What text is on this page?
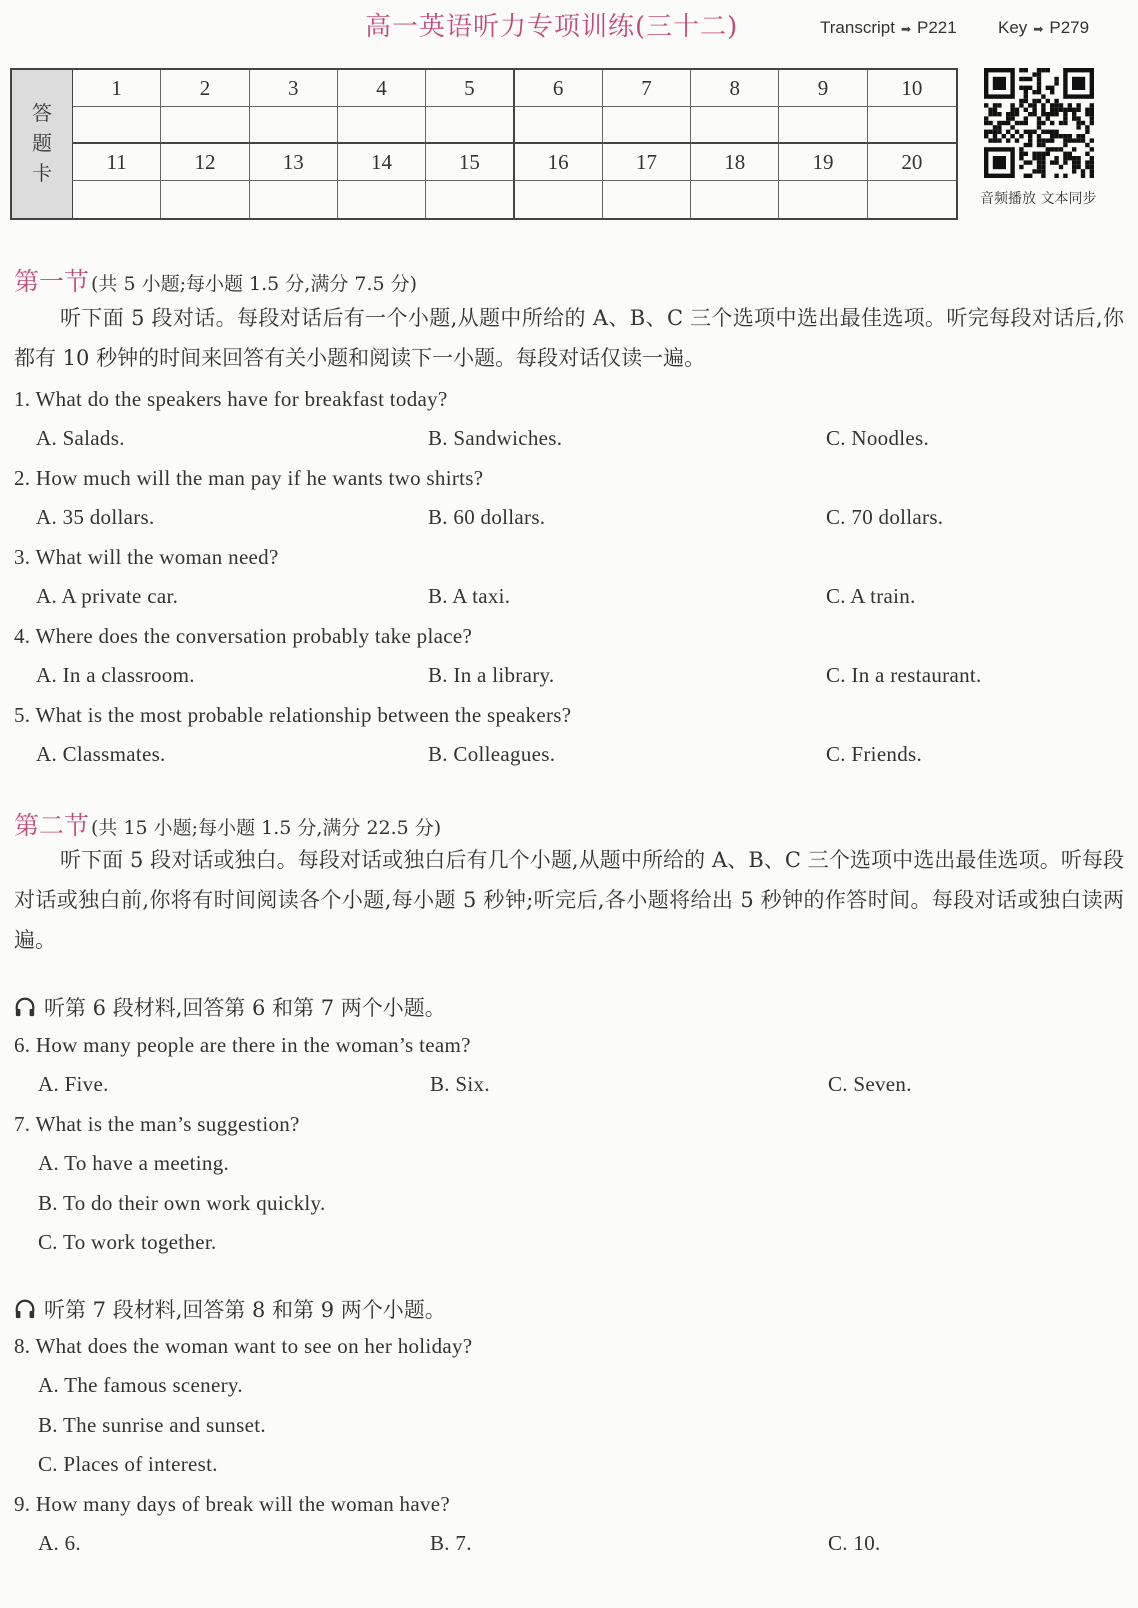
高一英语听力专项训练(三十二)	Transcript ➡ P221 Key ➡ P279
答
题
卡
1	2	3	4	5	6	7	8	9	10
11	12	13	14	15	16	17	18	19	20
音频播放 文本同步
第一节 (共 5 小题;每小题 1.5 分,满分 7.5 分)
听下面 5 段对话。每段对话后有一个小题,从题中所给的 A、B、C 三个选项中选出最佳选项。听完每段对话后,你都有 10 秒钟的时间来回答有关小题和阅读下一小题。每段对话仅读一遍。
1. What do the speakers have for breakfast today?
A. Salads.	B. Sandwiches.	C. Noodles.
2. How much will the man pay if he wants two shirts?
A. 35 dollars.	B. 60 dollars.	C. 70 dollars.
3. What will the woman need?
A. A private car.	B. A taxi.	C. A train.
4. Where does the conversation probably take place?
A. In a classroom.	B. In a library.	C. In a restaurant.
5. What is the most probable relationship between the speakers?
A. Classmates.	B. Colleagues.	C. Friends.
第二节 (共 15 小题;每小题 1.5 分,满分 22.5 分)
听下面 5 段对话或独白。每段对话或独白后有几个小题,从题中所给的 A、B、C 三个选项中选出最佳选项。听每段对话或独白前,你将有时间阅读各个小题,每小题 5 秒钟;听完后,各小题将给出 5 秒钟的作答时间。每段对话或独白读两遍。
听第 6 段材料,回答第 6 和第 7 两个小题。
6. How many people are there in the woman’s team?
A. Five.	B. Six.	C. Seven.
7. What is the man’s suggestion?
A. To have a meeting.
B. To do their own work quickly.
C. To work together.
听第 7 段材料,回答第 8 和第 9 两个小题。
8. What does the woman want to see on her holiday?
A. The famous scenery.
B. The sunrise and sunset.
C. Places of interest.
9. How many days of break will the woman have?
A. 6.	B. 7.	C. 10.
